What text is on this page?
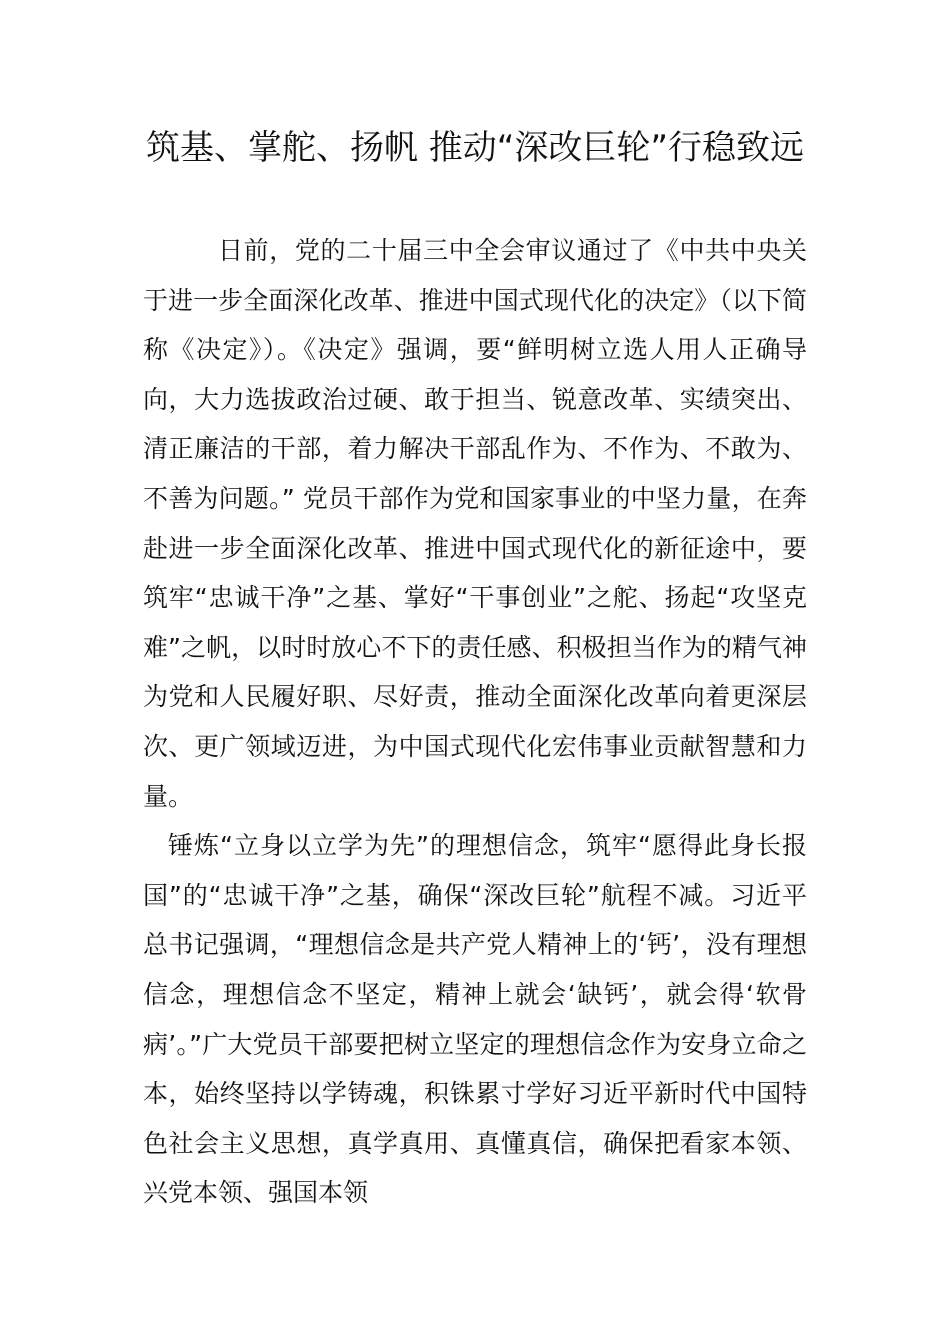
筑基、掌舵、扬帆 推动“深改巨轮”行稳致远

日前，党的二十届三中全会审议通过了《中共中央关于进一步全面深化改革、推进中国式现代化的决定》（以下简称《决定》）。《决定》强调，要“鲜明树立选人用人正确导向，大力选拔政治过硬、敢于担当、锐意改革、实绩突出、清正廉洁的干部，着力解决干部乱作为、不作为、不敢为、不善为问题。” 党员干部作为党和国家事业的中坚力量，在奔赴进一步全面深化改革、推进中国式现代化的新征途中，要筑牢“忠诚干净”之基、掌好“干事创业”之舵、扬起“攻坚克难”之帆，以时时放心不下的责任感、积极担当作为的精气神为党和人民履好职、尽好责，推动全面深化改革向着更深层次、更广领域迈进，为中国式现代化宏伟事业贡献智慧和力量。

锤炼“立身以立学为先”的理想信念，筑牢“愿得此身长报国”的“忠诚干净”之基，确保“深改巨轮”航程不减。习近平总书记强调，“理想信念是共产党人精神上的‘钙’，没有理想信念，理想信念不坚定，精神上就会‘缺钙’，就会得‘软骨病’。”广大党员干部要把树立坚定的理想信念作为安身立命之本，始终坚持以学铸魂，积铢累寸学好习近平新时代中国特色社会主义思想，真学真用、真懂真信，确保把看家本领、兴党本领、强国本领
